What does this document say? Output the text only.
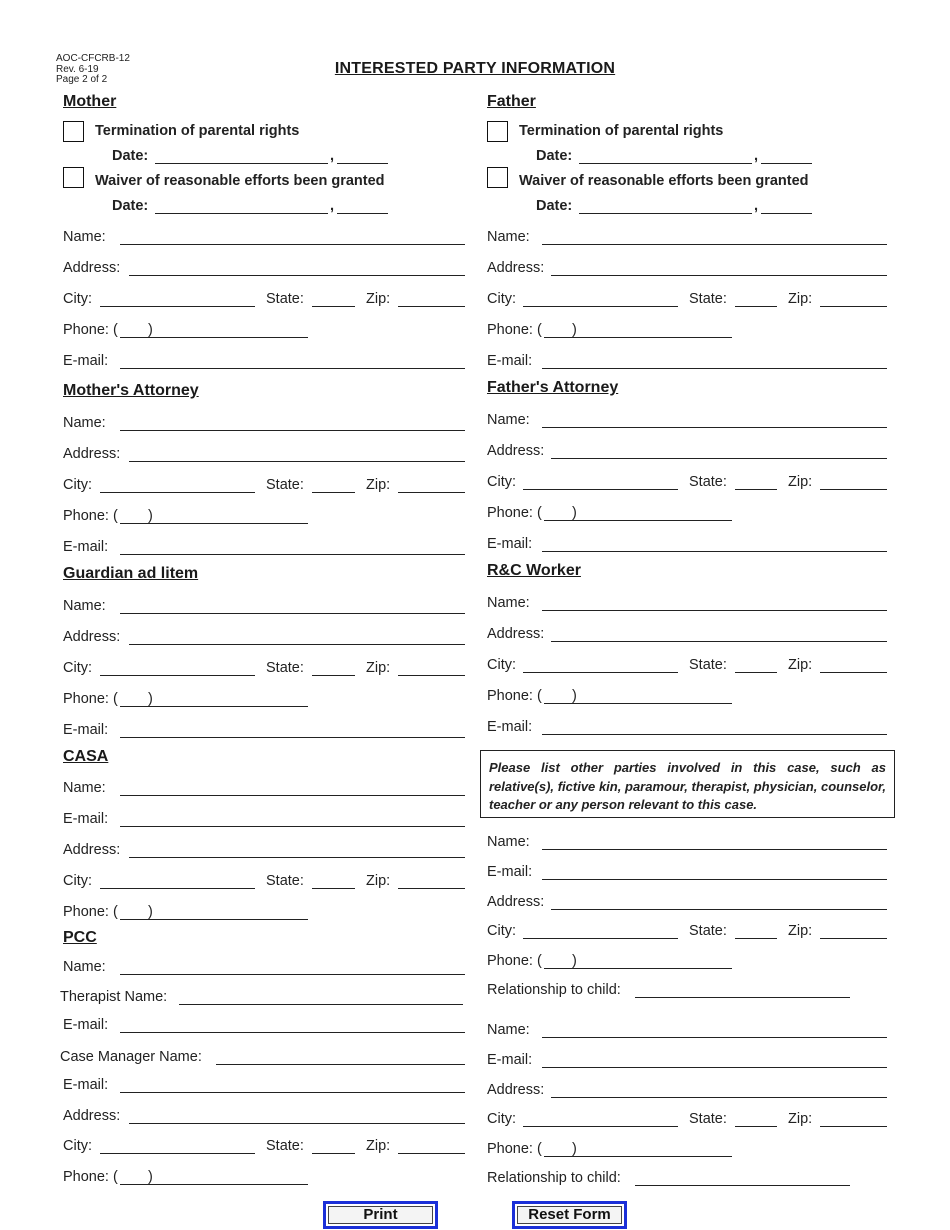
AOC-CFCRB-12
Rev. 6-19
Page 2 of 2
INTERESTED PARTY INFORMATION
Mother
Termination of parental rights
Date:	,
Waiver of reasonable efforts been granted
Date:	,
Name:
Address:
City:	State:	Zip:
Phone: ( )
E-mail:
Father
Termination of parental rights
Date:	,
Waiver of reasonable efforts been granted
Date:	,
Name:
Address:
City:	State:	Zip:
Phone: ( )
E-mail:
Mother's Attorney
Name:
Address:
City:	State:	Zip:
Phone: ( )
E-mail:
Father's Attorney
Name:
Address:
City:	State:	Zip:
Phone: ( )
E-mail:
Guardian ad litem
Name:
Address:
City:	State:	Zip:
Phone: ( )
E-mail:
R&C Worker
Name:
Address:
City:	State:	Zip:
Phone: ( )
E-mail:
CASA
Name:
E-mail:
Address:
City:	State:	Zip:
Phone: ( )
PCC
Name:
Therapist Name:
E-mail:
Case Manager Name:
E-mail:
Address:
City:	State:	Zip:
Phone: ( )
Name:
E-mail:
Address:
City:	State:	Zip:
Phone: ( )
Relationship to child:
Name:
E-mail:
Address:
City:	State:	Zip:
Phone: ( )
Relationship to child:
Please list other parties involved in this case, such as relative(s), fictive kin, paramour, therapist, physician, counselor, teacher or any person relevant to this case.
Print	Reset Form
